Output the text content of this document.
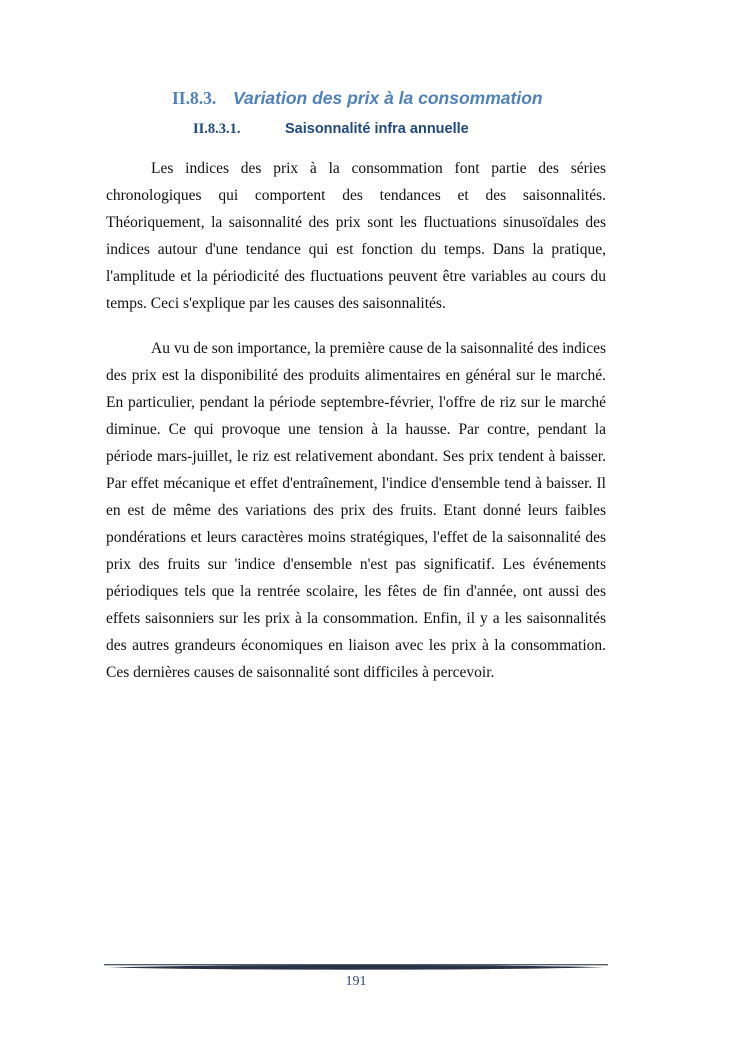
II.8.3. Variation des prix à la consommation
II.8.3.1.	Saisonnalité infra annuelle

Les indices des prix à la consommation font partie des séries chronologiques qui comportent des tendances et des saisonnalités. Théoriquement, la saisonnalité des prix sont les fluctuations sinusoïdales des indices autour d'une tendance qui est fonction du temps. Dans la pratique, l'amplitude et la périodicité des fluctuations peuvent être variables au cours du temps. Ceci s'explique par les causes des saisonnalités.

Au vu de son importance, la première cause de la saisonnalité des indices des prix est la disponibilité des produits alimentaires en général sur le marché. En particulier, pendant la période septembre-février, l'offre de riz sur le marché diminue. Ce qui provoque une tension à la hausse. Par contre, pendant la période mars-juillet, le riz est relativement abondant. Ses prix tendent à baisser. Par effet mécanique et effet d'entraînement, l'indice d'ensemble tend à baisser. Il en est de même des variations des prix des fruits. Etant donné leurs faibles pondérations et leurs caractères moins stratégiques, l'effet de la saisonnalité des prix des fruits sur 'indice d'ensemble n'est pas significatif. Les événements périodiques tels que la rentrée scolaire, les fêtes de fin d'année, ont aussi des effets saisonniers sur les prix à la consommation. Enfin, il y a les saisonnalités des autres grandeurs économiques en liaison avec les prix à la consommation. Ces dernières causes de saisonnalité sont difficiles à percevoir.

191
